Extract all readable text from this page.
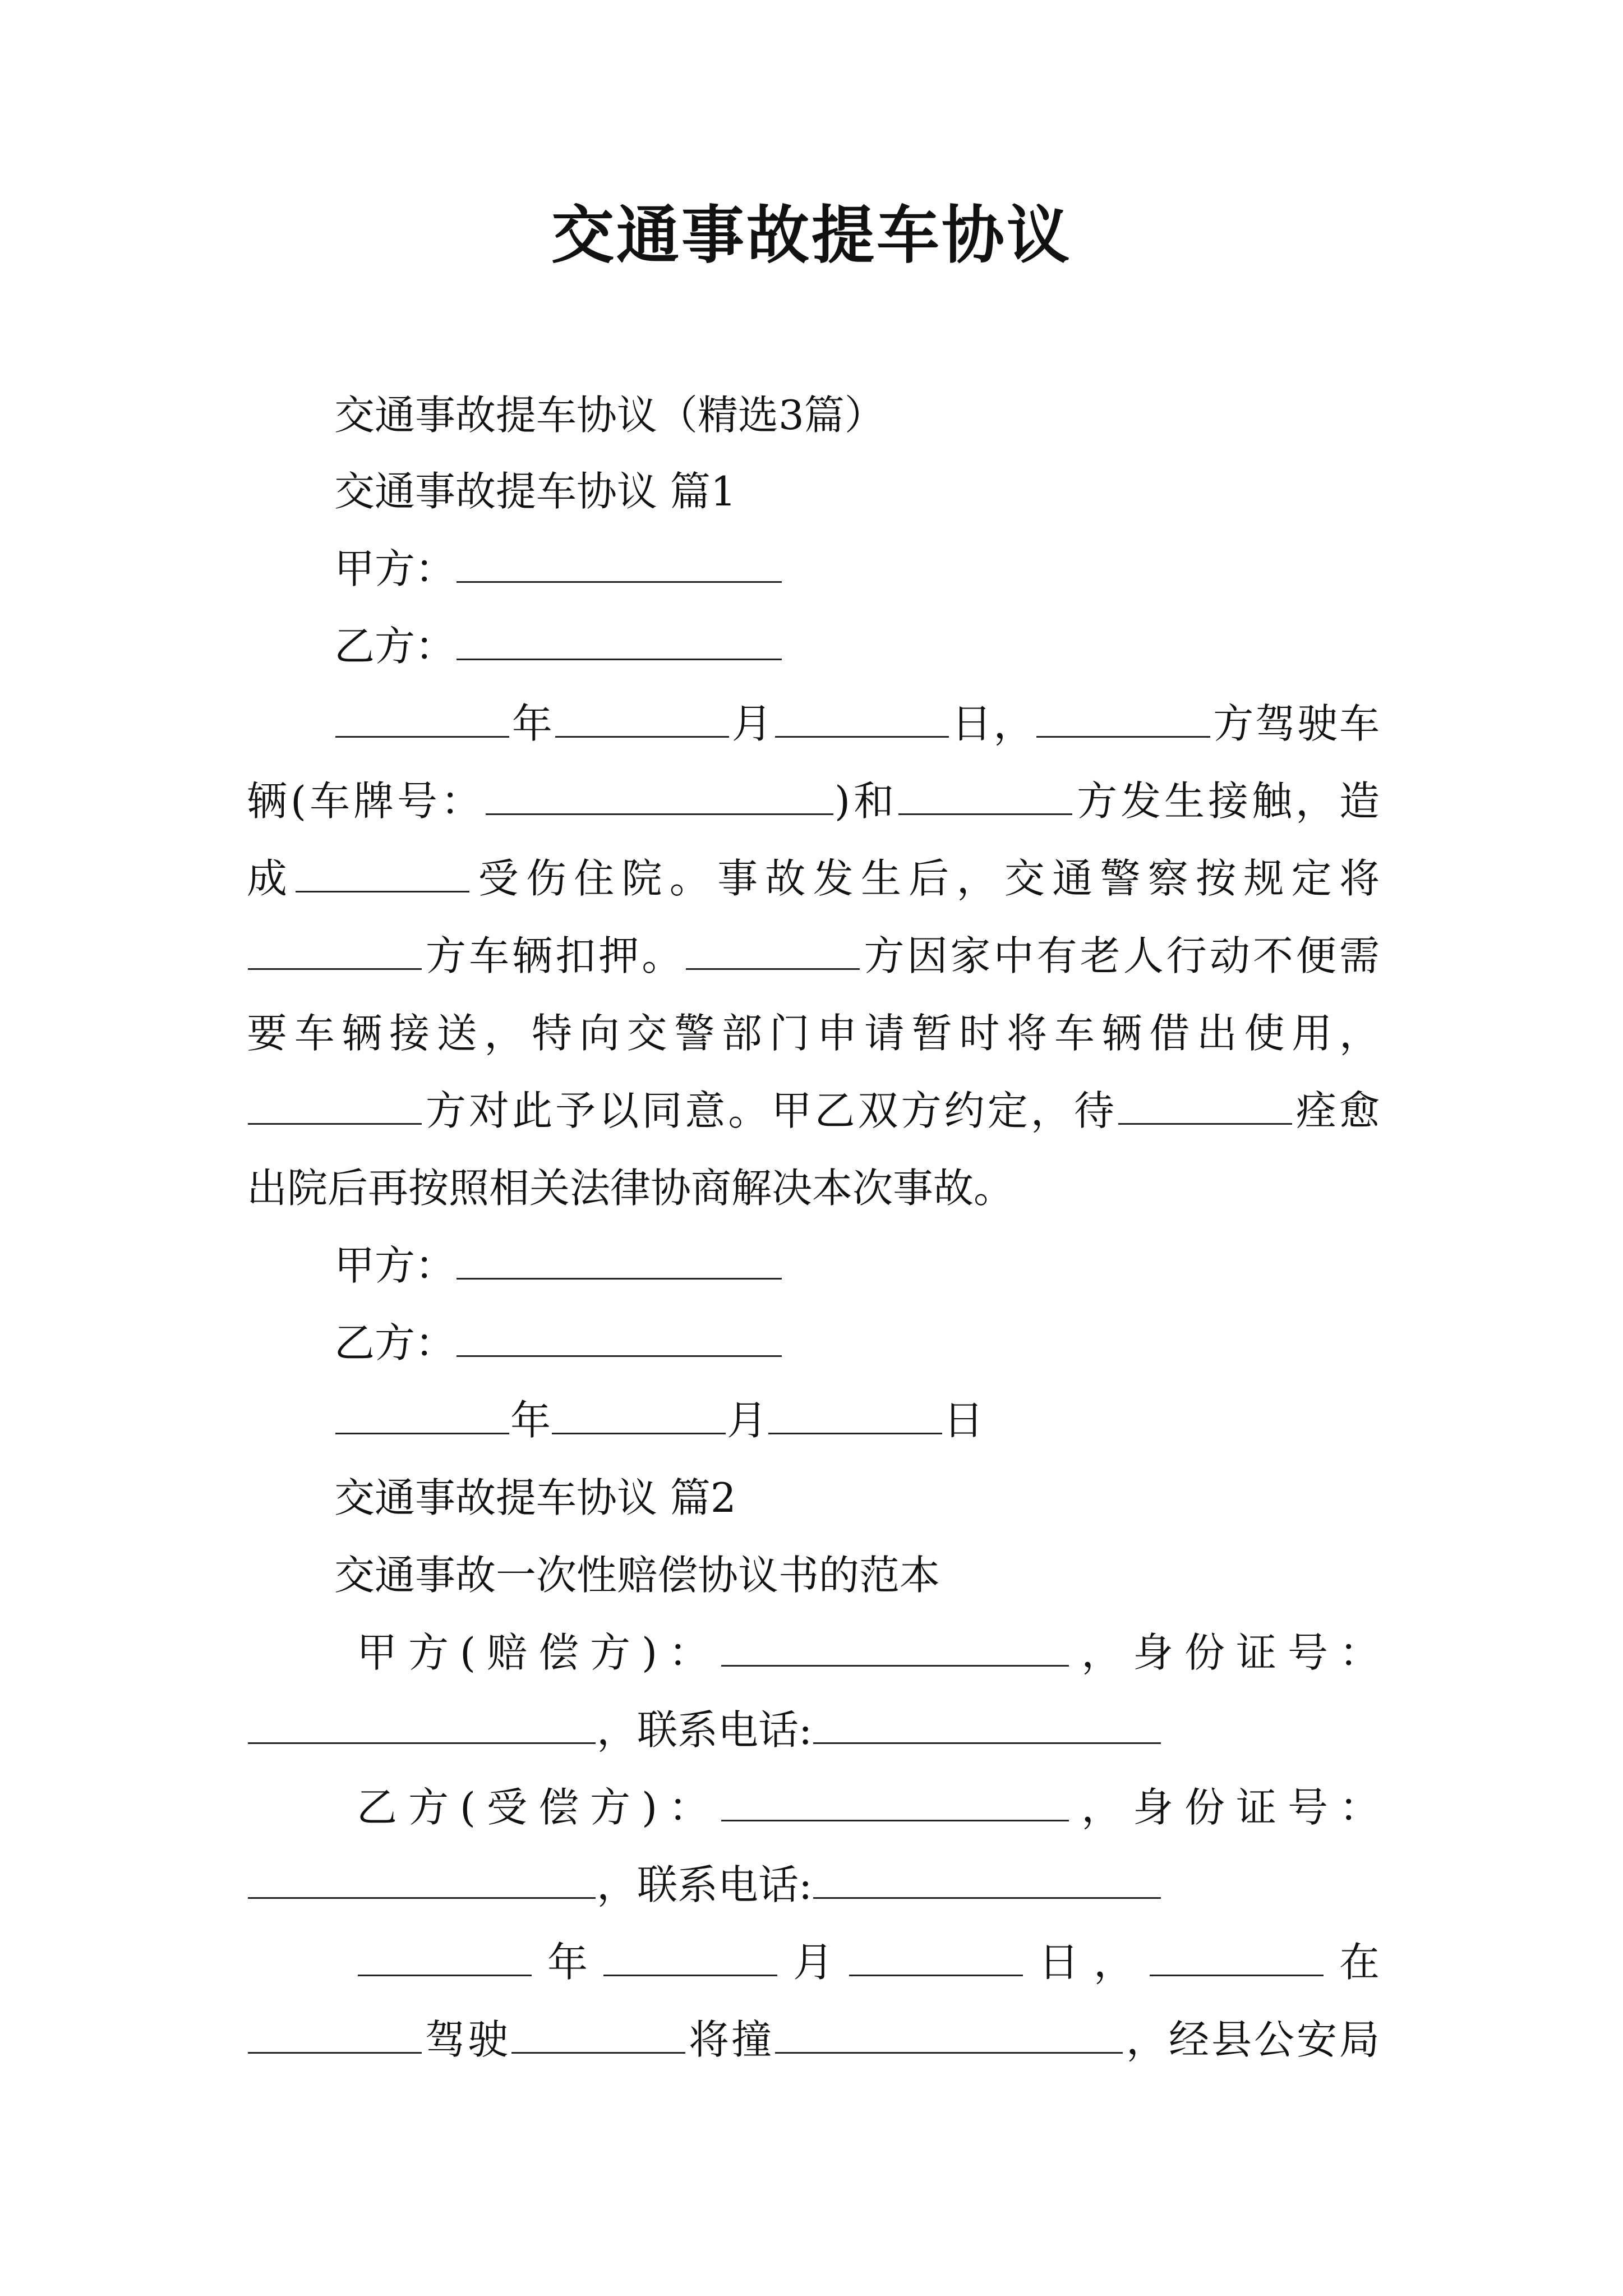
交通事故提车协议
交通事故提车协议（精选3篇）
交通事故提车协议 篇1
甲方：
乙方：
年	月	日，	方驾驶车
辆(车牌号：	)和	方发生接触，造
成	受伤住院。事故发生后，交通警察按规定将
方车辆扣押。	方因家中有老人行动不便需
要车辆接送，特向交警部门申请暂时将车辆借出使用，
方对此予以同意。甲乙双方约定，待	痊愈
出院后再按照相关法律协商解决本次事故。
甲方：
乙方：
年	月	日
交通事故提车协议 篇2
交通事故一次性赔偿协议书的范本
甲方(赔偿方)：	，身份证号：
，联系电话:
乙方(受偿方)：	，身份证号：
，联系电话:
年	月	日，	在
驾驶	将撞	，经县公安局
